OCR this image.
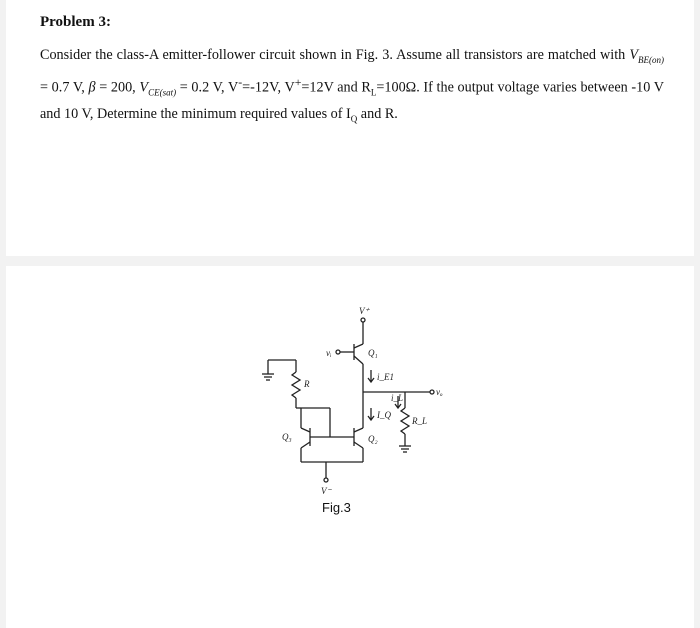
Problem 3:
Consider the class-A emitter-follower circuit shown in Fig. 3. Assume all transistors are matched with $V_{BE(on)} = 0.7$ V, β = 200, $V_{CE(sat)} = 0.2$ V, V-=-12V, V+=12V and $R_L=100\Omega$. If the output voltage varies between -10 V and 10 V, Determine the minimum required values of $I_Q$ and R.
V⁺
vᵢ	Q₁
i_E1
vₒ
i_L
I_Q
R_L
Q₂
Q₃
R
V⁻
Fig.3
